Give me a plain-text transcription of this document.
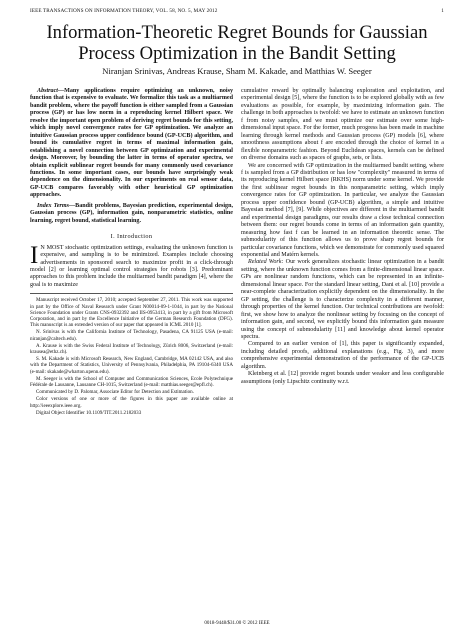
IEEE TRANSACTIONS ON INFORMATION THEORY, VOL. 58, NO. 5, MAY 2012	1
Information-Theoretic Regret Bounds for Gaussian
Process Optimization in the Bandit Setting
Niranjan Srinivas, Andreas Krause, Sham M. Kakade, and Matthias W. Seeger

Abstract—Many applications require optimizing an unknown, noisy function that is expensive to evaluate. We formalize this task as a multiarmed bandit problem, where the payoff function is either sampled from a Gaussian process (GP) or has low norm in a reproducing kernel Hilbert space. We resolve the important open problem of deriving regret bounds for this setting, which imply novel convergence rates for GP optimization. We analyze an intuitive Gaussian process upper confidence bound (GP-UCB) algorithm, and bound its cumulative regret in terms of maximal information gain, establishing a novel connection between GP optimization and experimental design. Moreover, by bounding the latter in terms of operator spectra, we obtain explicit sublinear regret bounds for many commonly used covariance functions. In some important cases, our bounds have surprisingly weak dependence on the dimensionality. In our experiments on real sensor data, GP-UCB compares favorably with other heuristical GP optimization approaches.

Index Terms—Bandit problems, Bayesian prediction, experimental design, Gaussian process (GP), information gain, nonparametric statistics, online learning, regret bound, statistical learning.
I. Introduction
I N MOST stochastic optimization settings, evaluating the unknown function is expensive, and sampling is to be minimized. Examples include choosing advertisements in sponsored search to maximize profit in a click-through model [2] or learning optimal control strategies for robots [3]. Predominant approaches to this problem include the multiarmed bandit paradigm [4], where the goal is to maximize

Manuscript received October 17, 2010; accepted September 27, 2011. This work was supported in part by the Office of Naval Research under Grant N00014-09-1-1044, in part by the National Science Foundation under Grants CNS-0932392 and IIS-0953413, in part by a gift from Microsoft Corporation, and in part by the Excellence Initiative of the German Research Foundation (DFG). This manuscript is an extended version of our paper that appeared in ICML 2010 [1].

N. Srinivas is with the California Institute of Technology, Pasadena, CA 91125 USA (e-mail: niranjan@caltech.edu).

A. Krause is with the Swiss Federal Institute of Technology, Zürich 8006, Switzerland (e-mail: krausea@ethz.ch).

S. M. Kakade is with Microsoft Research, New England, Cambridge, MA 02142 USA, and also with the Department of Statistics, University of Pennsylvania, Philadelphia, PA 19104-6340 USA (e-mail: skakade@wharton.upenn.edu).

M. Seeger is with the School of Computer and Communication Sciences, Ecole Polytechnique Fédérale de Lausanne, Lausanne CH-1015, Switzerland (e-mail: matthias.seeger@epfl.ch).

Communicated by D. Palomar, Associate Editor for Detection and Estimation.

Color versions of one or more of the figures in this paper are available online at http://ieeexplore.ieee.org.

Digital Object Identifier 10.1109/TIT.2011.2182033

cumulative reward by optimally balancing exploration and exploitation, and experimental design [5], where the function is to be explored globally with as few evaluations as possible, for example, by maximizing information gain. The challenge in both approaches is twofold: we have to estimate an unknown function f from noisy samples, and we must optimize our estimate over some high-dimensional input space. For the former, much progress has been made in machine learning through kernel methods and Gaussian process (GP) models [6], where smoothness assumptions about f are encoded through the choice of kernel in a flexible nonparametric fashion. Beyond Euclidean spaces, kernels can be defined on diverse domains such as spaces of graphs, sets, or lists.

We are concerned with GP optimization in the multiarmed bandit setting, where f is sampled from a GP distribution or has low "complexity" measured in terms of its reproducing kernel Hilbert space (RKHS) norm under some kernel. We provide the first sublinear regret bounds in this nonparametric setting, which imply convergence rates for GP optimization. In particular, we analyze the Gaussian process upper confidence bound (GP-UCB) algorithm, a simple and intuitive Bayesian method [7], [9]. While objectives are different in the multiarmed bandit and experimental design paradigms, our results draw a close technical connection between them: our regret bounds come in terms of an information gain quantity, measuring how fast f can be learned in an information theoretic sense. The submodularity of this function allows us to prove sharp regret bounds for particular covariance functions, which we demonstrate for commonly used squared exponential and Matérn kernels.

Related Work: Our work generalizes stochastic linear optimization in a bandit setting, where the unknown function comes from a finite-dimensional linear space. GPs are nonlinear random functions, which can be represented in an infinite-dimensional linear space. For the standard linear setting, Dani et al. [10] provide a near-complete characterization explicitly dependent on the dimensionality. In the GP setting, the challenge is to characterize complexity in a different manner, through properties of the kernel function. Our technical contributions are twofold: first, we show how to analyze the nonlinear setting by focusing on the concept of information gain, and second, we explicitly bound this information gain measure using the concept of submodularity [11] and knowledge about kernel operator spectra.

Compared to an earlier version of [1], this paper is significantly expanded, including detailed proofs, additional explanations (e.g., Fig. 3), and more comprehensive experimental demonstration of the performance of the GP-UCB algorithm.

Kleinberg et al. [12] provide regret bounds under weaker and less configurable assumptions (only Lipschitz continuity w.r.t.

0018-9448/$31.00 © 2012 IEEE
